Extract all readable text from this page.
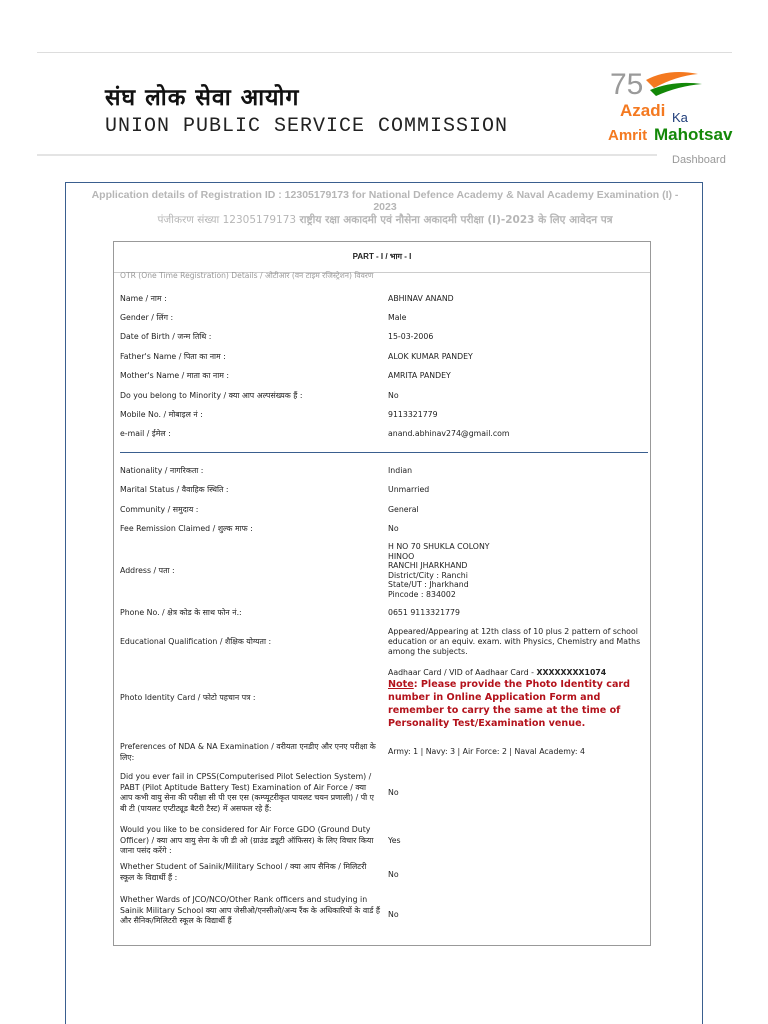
संघ लोक सेवा आयोग
UNION PUBLIC SERVICE COMMISSION
75
Azadi Ka
Amrit Mahotsav
Dashboard
Application details of Registration ID : 12305179173 for National Defence Academy & Naval Academy Examination (I) - 2023
पंजीकरण संख्या 12305179173 राष्ट्रीय रक्षा अकादमी एवं नौसेना अकादमी परीक्षा (I)-2023 के लिए आवेदन पत्र
PART - I / भाग - I
OTR (One Time Registration) Details / ओटीआर (वन टाइम रजिस्ट्रेशन) विवरण
Name / नाम :	ABHINAV ANAND
Gender / लिंग :	Male
Date of Birth / जन्म तिथि :	15-03-2006
Father's Name / पिता का नाम :	ALOK KUMAR PANDEY
Mother's Name / माता का नाम :	AMRITA PANDEY
Do you belong to Minority / क्या आप अल्पसंख्यक हैं :	No
Mobile No. / मोबाइल नं :	9113321779
e-mail / ईमेल :	anand.abhinav274@gmail.com
Nationality / नागरिकता :	Indian
Marital Status / वैवाहिक स्थिति :	Unmarried
Community / समुदाय :	General
Fee Remission Claimed / शुल्क माफ :	No
Address / पता :
H NO 70 SHUKLA COLONY
HINOO
RANCHI JHARKHAND
District/City : Ranchi
State/UT : Jharkhand
Pincode : 834002
Phone No. / क्षेत्र कोड के साथ फोन नं.:	0651 9113321779
Educational Qualification / शैक्षिक योग्यता :
Appeared/Appearing at 12th class of 10 plus 2 pattern of school education or an equiv. exam. with Physics, Chemistry and Maths among the subjects.
Photo Identity Card / फोटो पहचान पत्र :
Aadhaar Card / VID of Aadhaar Card - XXXXXXXX1074
Note: Please provide the Photo Identity card number in Online Application Form and remember to carry the same at the time of Personality Test/Examination venue.
Preferences of NDA & NA Examination / वरीयता एनडीए और एनए परीक्षा के लिए:
Army: 1 | Navy: 3 | Air Force: 2 | Naval Academy: 4
Did you ever fail in CPSS(Computerised Pilot Selection System) / PABT (Pilot Aptitude Battery Test) Examination of Air Force / क्या आप कभी वायु सेना की परीक्षा सी पी एस एस (कम्प्यूटरीकृत पायलट चयन प्रणाली) / पी ए बी टी (पायलट एप्टीट्यूड बैटरी टैस्ट) में असफल रहे हैं:
No
Would you like to be considered for Air Force GDO (Ground Duty Officer) / क्या आप वायु सेना के जी डी ओ (ग्राउंड ड्यूटी ऑफिसर) के लिए विचार किया जाना पसंद करेंगे :
Yes
Whether Student of Sainik/Military School / क्या आप सैनिक / मिलिटरी स्कूल के विद्यार्थी हैं :	No
Whether Wards of JCO/NCO/Other Rank officers and studying in Sainik Military School क्या आप जेसीओ/एनसीओ/अन्य रैंक के अधिकारियों के वार्ड हैं और सैनिक/मिलिटरी स्कूल के विद्यार्थी हैं
No
